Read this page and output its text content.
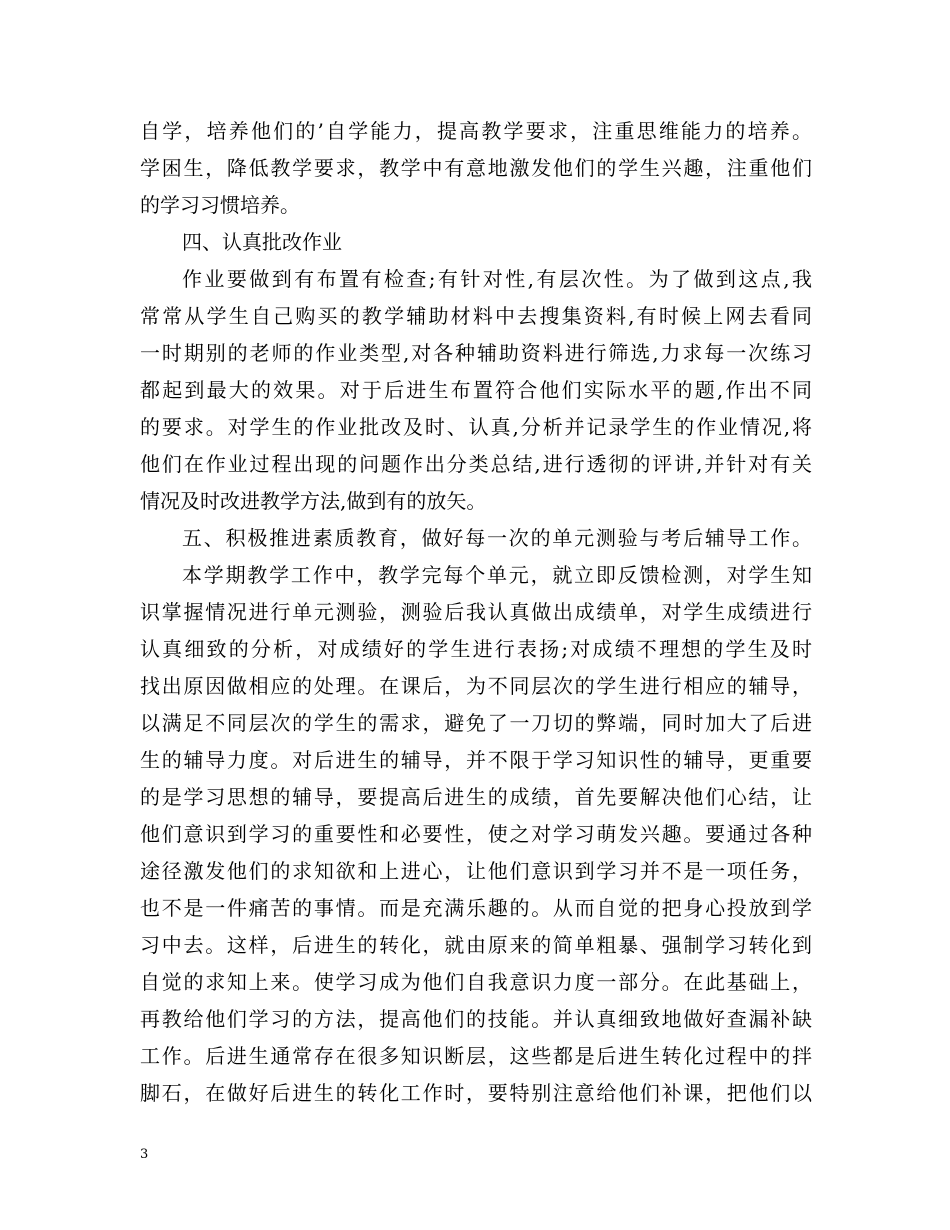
自学，培养他们的’自学能力，提高教学要求，注重思维能力的培养。
学困生，降低教学要求，教学中有意地激发他们的学生兴趣，注重他们
的学习习惯培养。
四、认真批改作业
作业要做到有布置有检查;有针对性,有层次性。为了做到这点,我
常常从学生自己购买的教学辅助材料中去搜集资料,有时候上网去看同
一时期别的老师的作业类型,对各种辅助资料进行筛选,力求每一次练习
都起到最大的效果。对于后进生布置符合他们实际水平的题,作出不同
的要求。对学生的作业批改及时、认真,分析并记录学生的作业情况,将
他们在作业过程出现的问题作出分类总结,进行透彻的评讲,并针对有关
情况及时改进教学方法,做到有的放矢。
五、积极推进素质教育，做好每一次的单元测验与考后辅导工作。
本学期教学工作中，教学完每个单元，就立即反馈检测，对学生知
识掌握情况进行单元测验，测验后我认真做出成绩单，对学生成绩进行
认真细致的分析，对成绩好的学生进行表扬;对成绩不理想的学生及时
找出原因做相应的处理。在课后，为不同层次的学生进行相应的辅导，
以满足不同层次的学生的需求，避免了一刀切的弊端，同时加大了后进
生的辅导力度。对后进生的辅导，并不限于学习知识性的辅导，更重要
的是学习思想的辅导，要提高后进生的成绩，首先要解决他们心结，让
他们意识到学习的重要性和必要性，使之对学习萌发兴趣。要通过各种
途径激发他们的求知欲和上进心，让他们意识到学习并不是一项任务，
也不是一件痛苦的事情。而是充满乐趣的。从而自觉的把身心投放到学
习中去。这样，后进生的转化，就由原来的简单粗暴、强制学习转化到
自觉的求知上来。使学习成为他们自我意识力度一部分。在此基础上，
再教给他们学习的方法，提高他们的技能。并认真细致地做好查漏补缺
工作。后进生通常存在很多知识断层，这些都是后进生转化过程中的拌
脚石，在做好后进生的转化工作时，要特别注意给他们补课，把他们以
3
